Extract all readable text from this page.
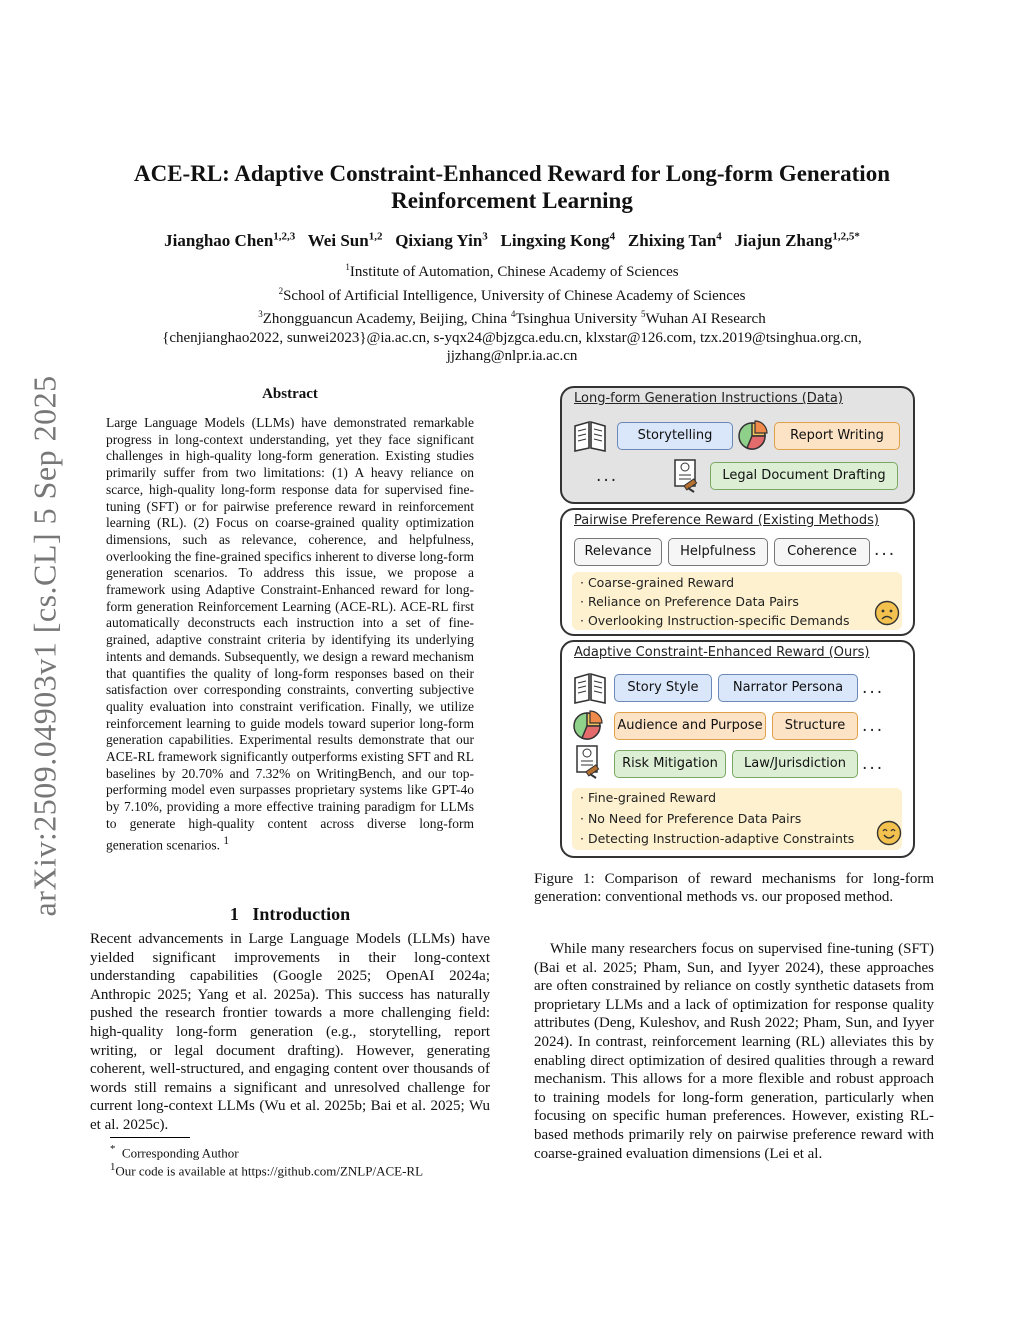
arXiv:2509.04903v1 [cs.CL] 5 Sep 2025
ACE-RL: Adaptive Constraint-Enhanced Reward for Long-form Generation
Reinforcement Learning
Jianghao Chen$^{1,2,3}$ Wei Sun$^{1,2}$ Qixiang Yin$^3$ Lingxing Kong$^4$ Zhixing Tan$^4$ Jiajun Zhang$^{1,2,5*}$
$^1$Institute of Automation, Chinese Academy of Sciences
$^2$School of Artificial Intelligence, University of Chinese Academy of Sciences
$^3$Zhongguancun Academy, Beijing, China $^4$Tsinghua University $^5$Wuhan AI Research
{chenjianghao2022, sunwei2023}@ia.ac.cn, s-yqx24@bjzgca.edu.cn, klxstar@126.com, tzx.2019@tsinghua.org.cn,
jjzhang@nlpr.ia.ac.cn
Abstract
Large Language Models (LLMs) have demonstrated remarkable progress in long-context understanding, yet they face significant challenges in high-quality long-form generation. Existing studies primarily suffer from two limitations: (1) A heavy reliance on scarce, high-quality long-form response data for supervised fine-tuning (SFT) or for pairwise preference reward in reinforcement learning (RL). (2) Focus on coarse-grained quality optimization dimensions, such as relevance, coherence, and helpfulness, overlooking the fine-grained specifics inherent to diverse long-form generation scenarios. To address this issue, we propose a framework using Adaptive Constraint-Enhanced reward for long-form generation Reinforcement Learning (ACE-RL). ACE-RL first automatically deconstructs each instruction into a set of fine-grained, adaptive constraint criteria by identifying its underlying intents and demands. Subsequently, we design a reward mechanism that quantifies the quality of long-form responses based on their satisfaction over corresponding constraints, converting subjective quality evaluation into constraint verification. Finally, we utilize reinforcement learning to guide models toward superior long-form generation capabilities. Experimental results demonstrate that our ACE-RL framework significantly outperforms existing SFT and RL baselines by 20.70% and 7.32% on WritingBench, and our top-performing model even surpasses proprietary systems like GPT-4o by 7.10%, providing a more effective training paradigm for LLMs to generate high-quality content across diverse long-form generation scenarios. $^1$
1 Introduction
Recent advancements in Large Language Models (LLMs) have yielded significant improvements in their long-context understanding capabilities (Google 2025; OpenAI 2024a; Anthropic 2025; Yang et al. 2025a). This success has naturally pushed the research frontier towards a more challenging field: high-quality long-form generation (e.g., storytelling, report writing, or legal document drafting). However, generating coherent, well-structured, and engaging content over thousands of words still remains a significant and unresolved challenge for current long-context LLMs (Wu et al. 2025b; Bai et al. 2025; Wu et al. 2025c).
* Corresponding Author
$^1$Our code is available at https://github.com/ZNLP/ACE-RL
Long-form Generation Instructions (Data)
Storytelling	Report Writing
...	Legal Document Drafting
Pairwise Preference Reward (Existing Methods)
Relevance	Helpfulness	Coherence	...
· Coarse-grained Reward
· Reliance on Preference Data Pairs
· Overlooking Instruction-specific Demands
Adaptive Constraint-Enhanced Reward (Ours)
Story Style	Narrator Persona	...
Audience and Purpose	Structure ...
Risk Mitigation	Law/Jurisdiction ...
· Fine-grained Reward
· No Need for Preference Data Pairs
· Detecting Instruction-adaptive Constraints
Figure 1: Comparison of reward mechanisms for long-form generation: conventional methods vs. our proposed method.
While many researchers focus on supervised fine-tuning (SFT) (Bai et al. 2025; Pham, Sun, and Iyyer 2024), these approaches are often constrained by reliance on costly synthetic datasets from proprietary LLMs and a lack of optimization for response quality attributes (Deng, Kuleshov, and Rush 2022; Pham, Sun, and Iyyer 2024). In contrast, reinforcement learning (RL) alleviates this by enabling direct optimization of desired qualities through a reward mechanism. This allows for a more flexible and robust approach to training models for long-form generation, particularly when focusing on specific human preferences. However, existing RL-based methods primarily rely on pairwise preference reward with coarse-grained evaluation dimensions (Lei et al.
